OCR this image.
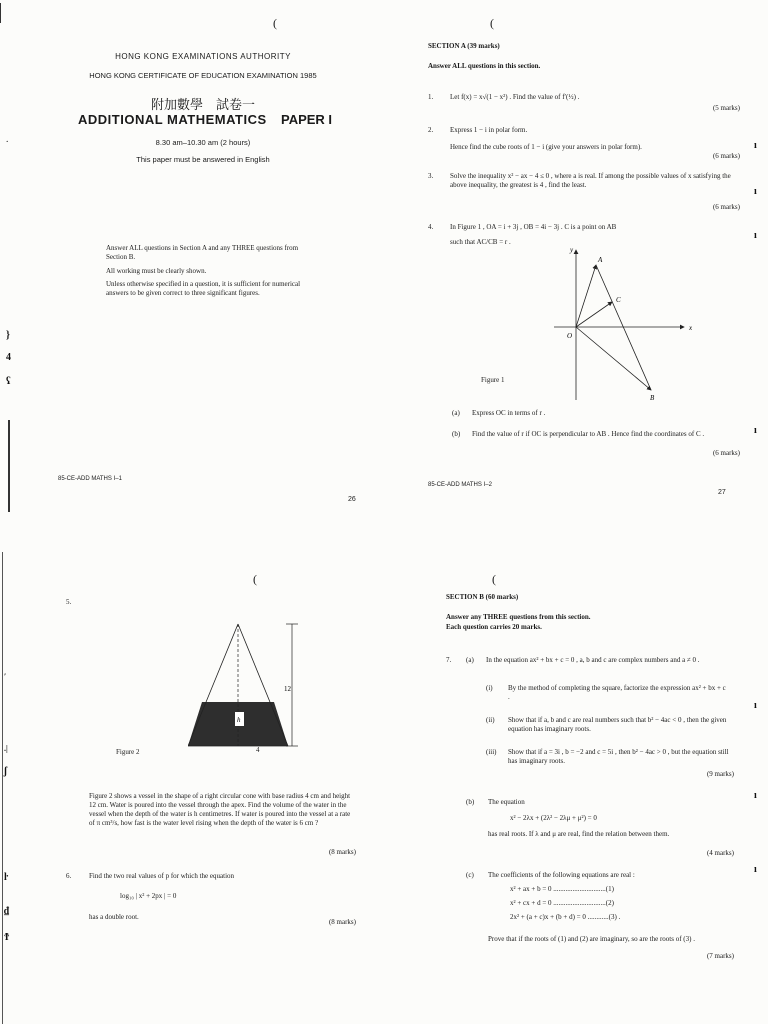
(
HONG KONG EXAMINATIONS AUTHORITY
HONG KONG CERTIFICATE OF EDUCATION EXAMINATION 1985
附加數學　試卷一
ADDITIONAL MATHEMATICS PAPER I
8.30 am–10.30 am (2 hours)
This paper must be answered in English
Answer ALL questions in Section A and any THREE questions from Section B.
All working must be clearly shown.
Unless otherwise specified in a question, it is sufficient for numerical answers to be given correct to three significant figures.
85-CE-ADD MATHS I–1
26
·
}
4
ʕ
(
SECTION A (39 marks)
Answer ALL questions in this section.
1. Let f(x) = x√(1 − x²) . Find the value of f′(½) .
(5 marks)
2. Express 1 − i in polar form.
Hence find the cube roots of 1 − i (give your answers in polar form).
(6 marks)
3. Solve the inequality x² − ax − 4 ≤ 0 , where a is real. If among the possible values of x satisfying the above inequality, the greatest is 4 , find the least.
(6 marks)
4. In Figure 1 , OA = i + 3j , OB = 4i − 3j . C is a point on AB
such that AC/CB = r .
y
x
O
A
B
C
Figure 1
(a) Express OC in terms of r .
(b) Find the value of r if OC is perpendicular to AB . Hence find the coordinates of C .
(6 marks)
85-CE-ADD MATHS I–2
27
ı
ı
ı
ı
(
5.
h
12
4
Figure 2
Figure 2 shows a vessel in the shape of a right circular cone with base radius 4 cm and height 12 cm. Water is poured into the vessel through the apex. Find the volume of the water in the vessel when the depth of the water is h centimetres. If water is poured into the vessel at a rate of π cm³/s, how fast is the water level rising when the depth of the water is 6 cm ?
(8 marks)
6.	Find the two real values of p for which the equation
log₁₀ | x² + 2px | = 0
has a double root.
(8 marks)
ʹ
.|
ʃ
ŀ
₫
Ϯ
(
SECTION B (60 marks)
Answer any THREE questions from this section.
Each question carries 20 marks.
7. (a) In the equation ax² + bx + c = 0 , a, b and c are complex numbers and a ≠ 0 .
(i) By the method of completing the square, factorize the expression ax² + bx + c .
(ii) Show that if a, b and c are real numbers such that b² − 4ac < 0 , then the given equation has imaginary roots.
(iii) Show that if a = 3i , b = −2 and c = 5i , then b² − 4ac > 0 , but the equation still has imaginary roots.
(9 marks)
(b) The equation
x² − 2λx + (2λ² − 2λμ + μ²) = 0
has real roots. If λ and μ are real, find the relation between them.
(4 marks)
(c) The coefficients of the following equations are real :
x² + ax + b = 0 ..............................(1)
x² + cx + d = 0 ..............................(2)
2x² + (a + c)x + (b + d) = 0 ............(3) .
Prove that if the roots of (1) and (2) are imaginary, so are the roots of (3) .
(7 marks)
ı
ı
ı
